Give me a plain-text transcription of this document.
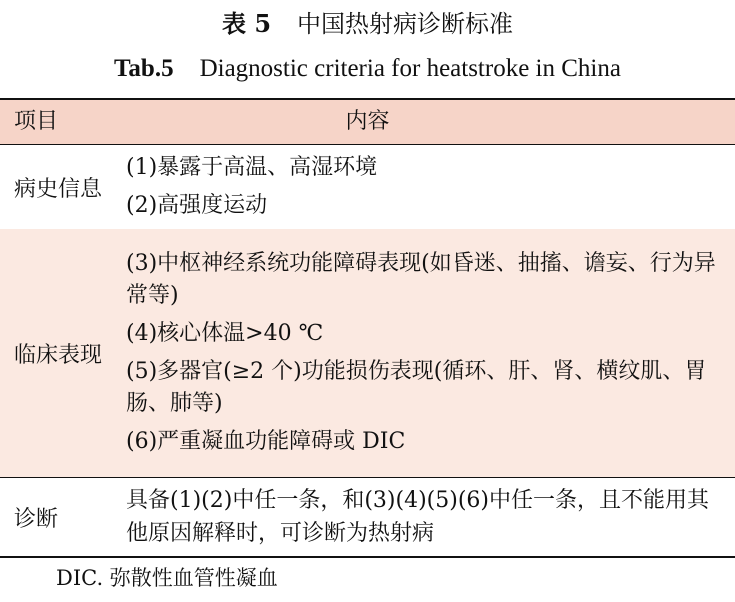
表 5 中国热射病诊断标准
Tab.5 Diagnostic criteria for heatstroke in China
内容
项目
病史信息
(1)暴露于高温、高湿环境
(2)高强度运动
临床表现
(3)中枢神经系统功能障碍表现(如昏迷、抽搐、谵妄、行为异常等)
(4)核心体温>40 ℃
(5)多器官(≥2 个)功能损伤表现(循环、肝、肾、横纹肌、胃肠、肺等)
(6)严重凝血功能障碍或 DIC
诊断
具备(1)(2)中任一条，和(3)(4)(5)(6)中任一条，且不能用其他原因解释时，可诊断为热射病
DIC. 弥散性血管性凝血
